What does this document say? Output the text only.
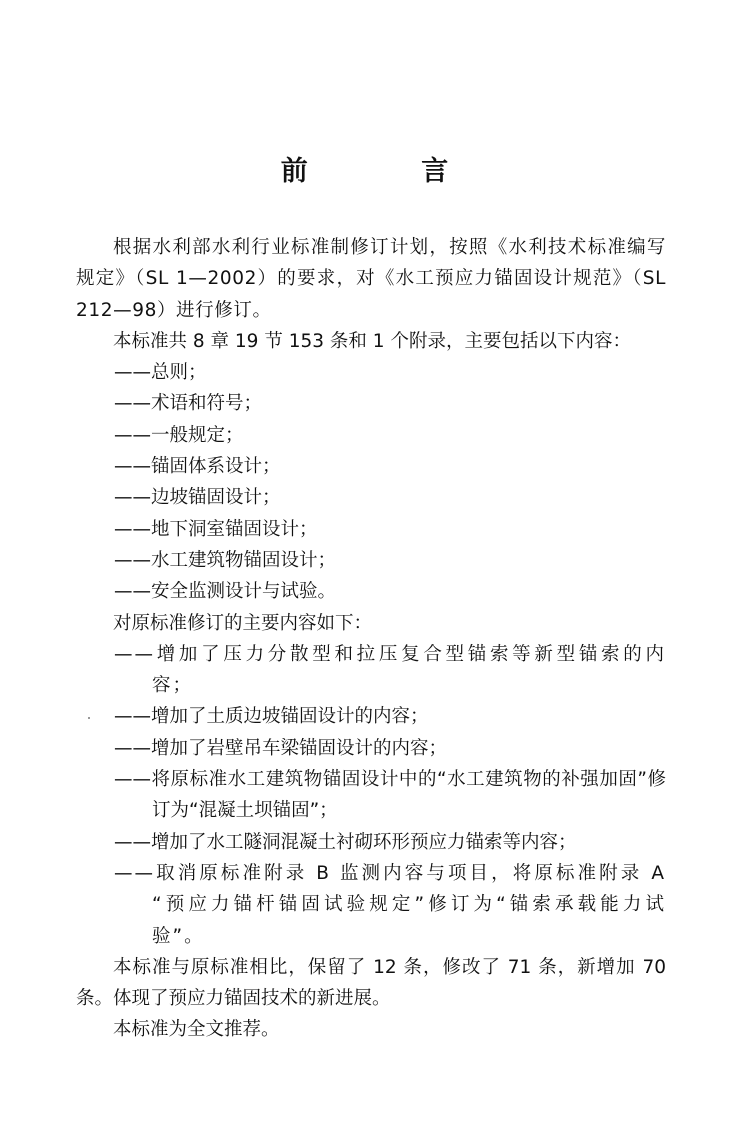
前 言

根据水利部水利行业标准制修订计划，按照《水利技术标准编写规定》（SL 1—2002）的要求，对《水工预应力锚固设计规范》（SL 212—98）进行修订。

本标准共 8 章 19 节 153 条和 1 个附录，主要包括以下内容：

——总则；

——术语和符号；

——一般规定；

——锚固体系设计；

——边坡锚固设计；

——地下洞室锚固设计；

——水工建筑物锚固设计；

——安全监测设计与试验。

对原标准修订的主要内容如下：

——增加了压力分散型和拉压复合型锚索等新型锚索的内容；

——增加了土质边坡锚固设计的内容；

——增加了岩壁吊车梁锚固设计的内容；

——将原标准水工建筑物锚固设计中的“水工建筑物的补强加固”修订为“混凝土坝锚固”；

——增加了水工隧洞混凝土衬砌环形预应力锚索等内容；

——取消原标准附录 B 监测内容与项目，将原标准附录 A “预应力锚杆锚固试验规定”修订为“锚索承载能力试验”。

本标准与原标准相比，保留了 12 条，修改了 71 条，新增加 70 条。体现了预应力锚固技术的新进展。

本标准为全文推荐。
